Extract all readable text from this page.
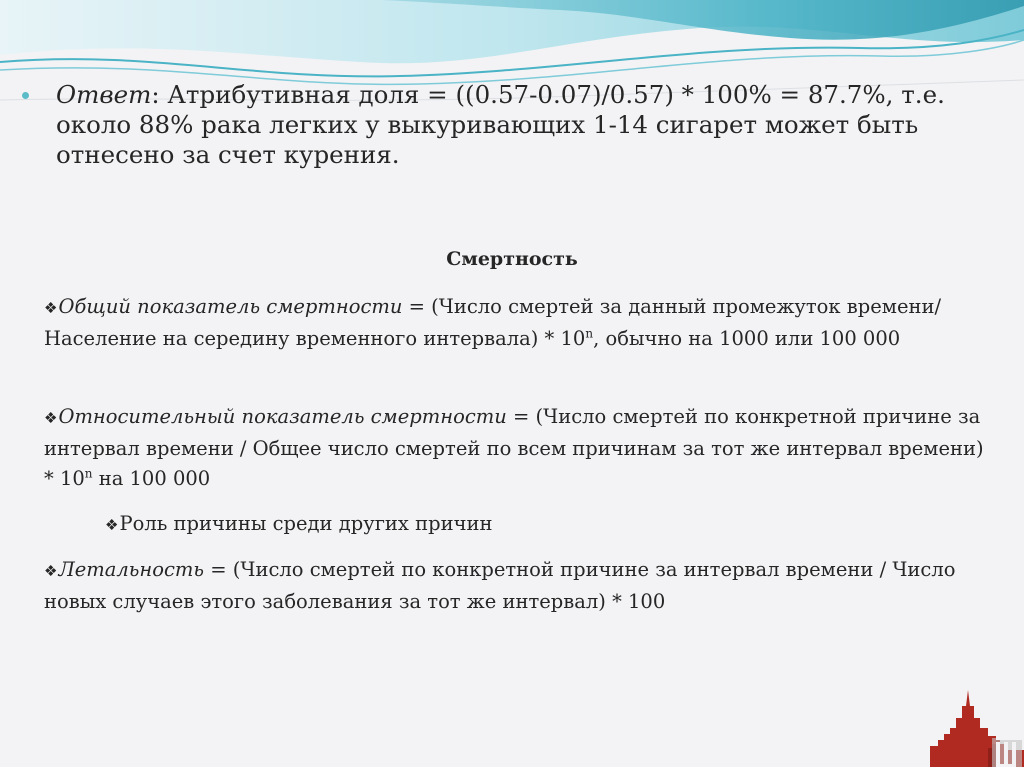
Ответ: Атрибутивная доля = ((0.57-0.07)/0.57) * 100% = 87.7%, т.е. около 88% рака легких у выкуривающих 1-14 сигарет может быть отнесено за счет курения.
Смертность
❖Общий показатель смертности = (Число смертей за данный промежуток времени/ Население на середину временного интервала) * 10$^n$, обычно на 1000 или 100 000
❖Относительный показатель смертности = (Число смертей по конкретной причине за интервал времени / Общее число смертей по всем причинам за тот же интервал времени) * 10$^n$ на 100 000
❖Роль причины среди других причин
❖Летальность = (Число смертей по конкретной причине за интервал времени / Число новых случаев этого заболевания за тот же интервал) * 100
